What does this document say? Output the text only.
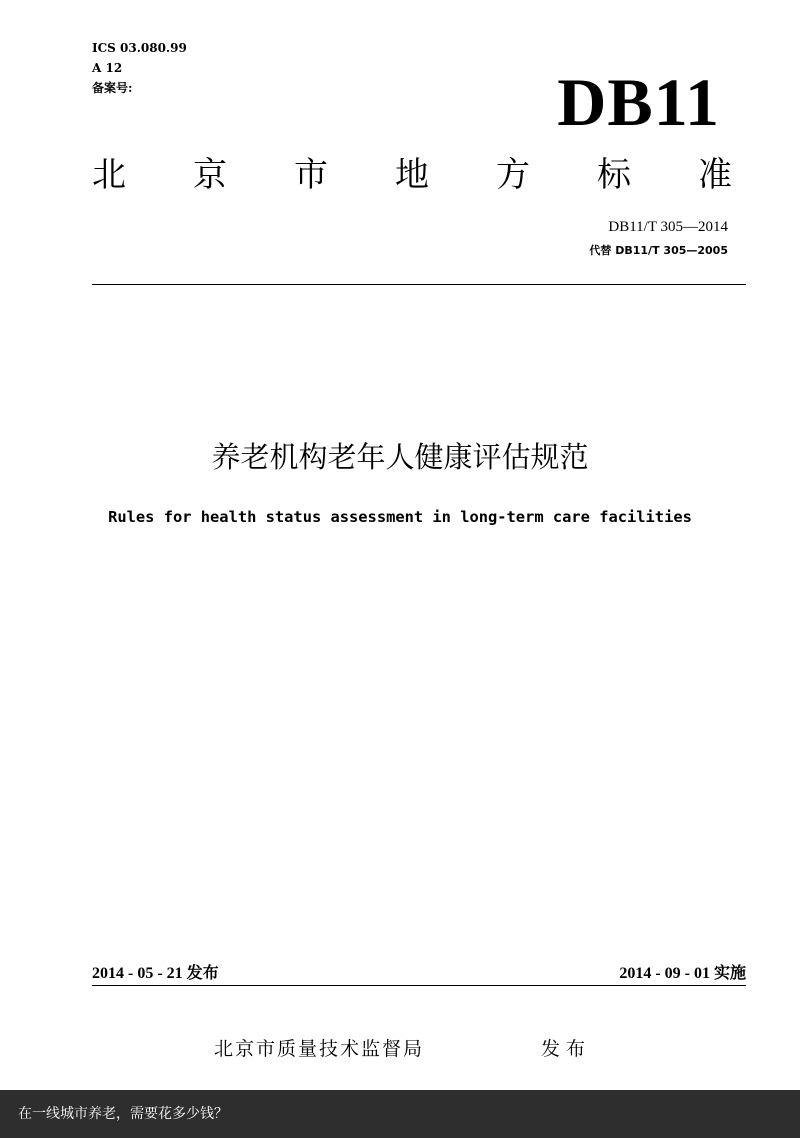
ICS 03.080.99
A 12
备案号:	DB11
北 京 市 地 方 标 准
DB11/T 305—2014
代替 DB11/T 305—2005
养老机构老年人健康评估规范
Rules for health status assessment in long-term care facilities
2014 - 05 - 21 发布	2014 - 09 - 01 实施
北京市质量技术监督局	发布
在一线城市养老，需要花多少钱？
